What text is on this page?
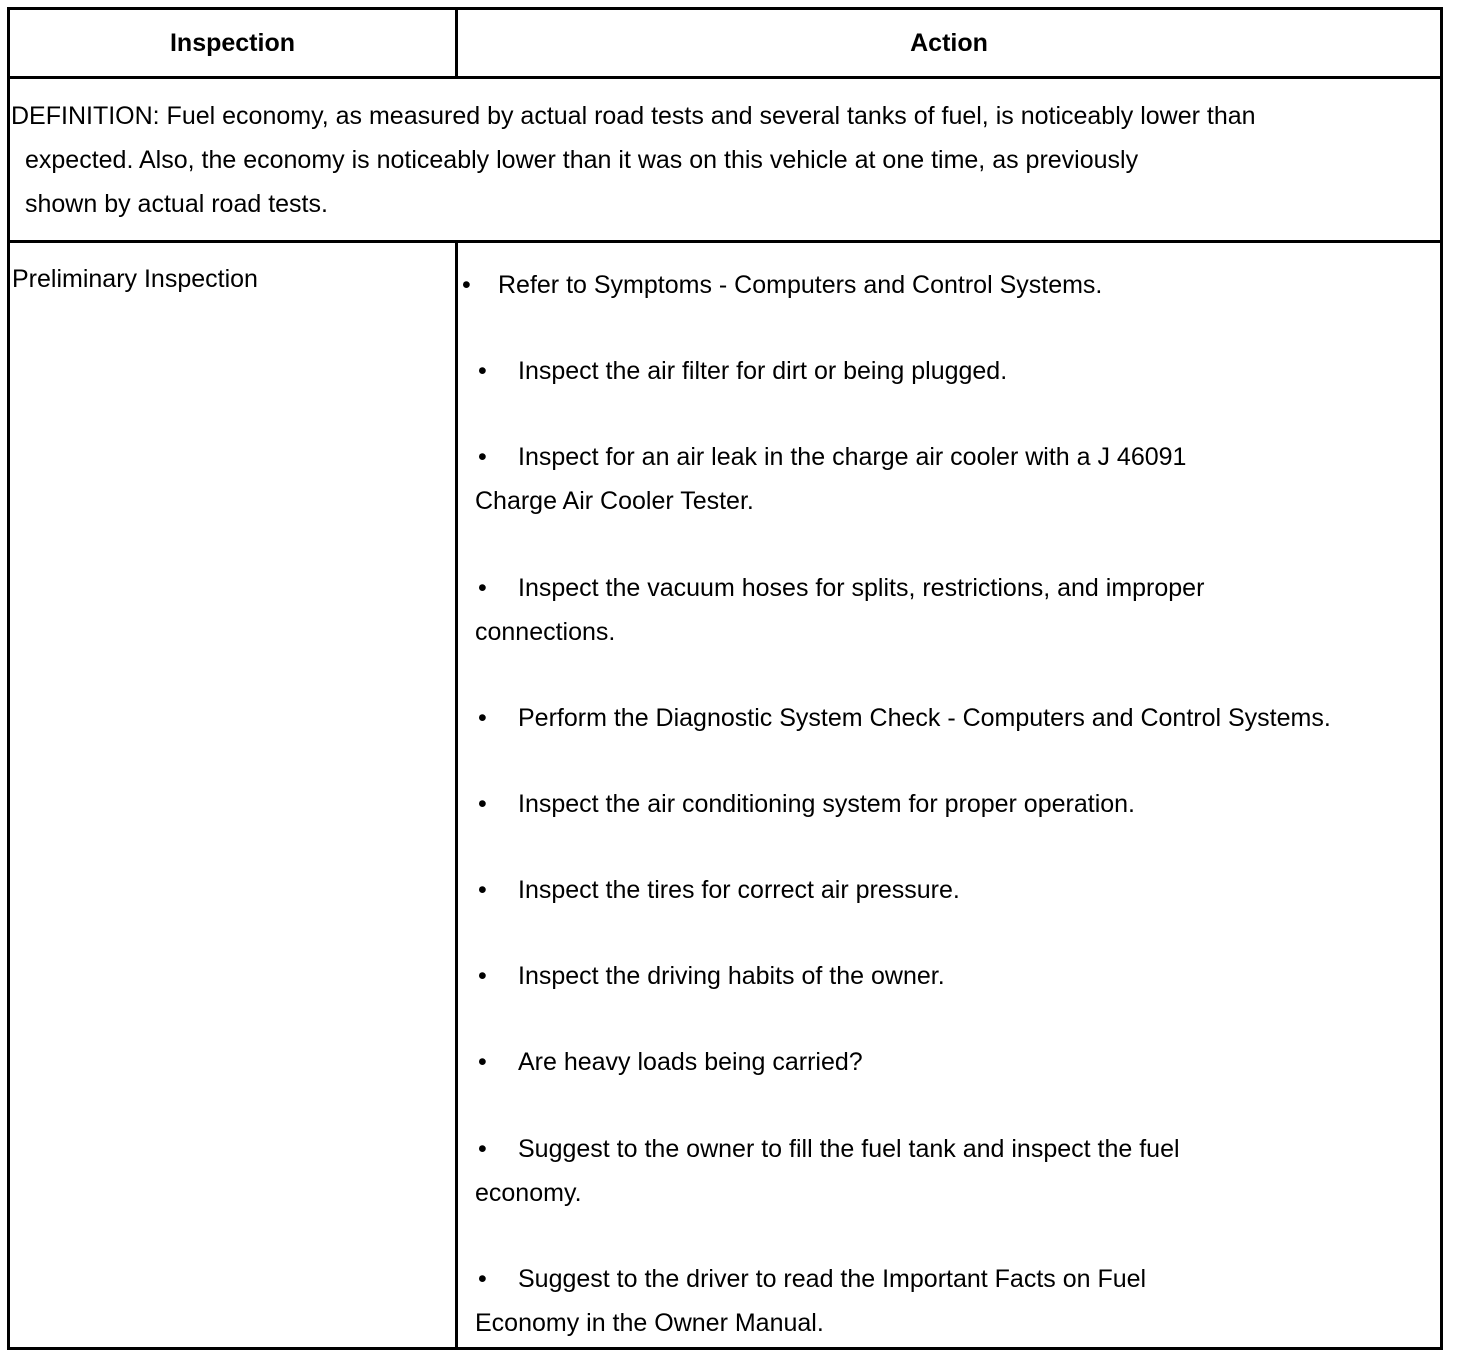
Inspection	Action
DEFINITION: Fuel economy, as measured by actual road tests and several tanks of fuel, is noticeably lower than
expected. Also, the economy is noticeably lower than it was on this vehicle at one time, as previously
shown by actual road tests.
Preliminary Inspection	• Refer to Symptoms - Computers and Control Systems.
• Inspect the air filter for dirt or being plugged.
• Inspect for an air leak in the charge air cooler with a J 46091
Charge Air Cooler Tester.
• Inspect the vacuum hoses for splits, restrictions, and improper
connections.
• Perform the Diagnostic System Check - Computers and Control Systems.
• Inspect the air conditioning system for proper operation.
• Inspect the tires for correct air pressure.
• Inspect the driving habits of the owner.
• Are heavy loads being carried?
• Suggest to the owner to fill the fuel tank and inspect the fuel
economy.
• Suggest to the driver to read the Important Facts on Fuel
Economy in the Owner Manual.
